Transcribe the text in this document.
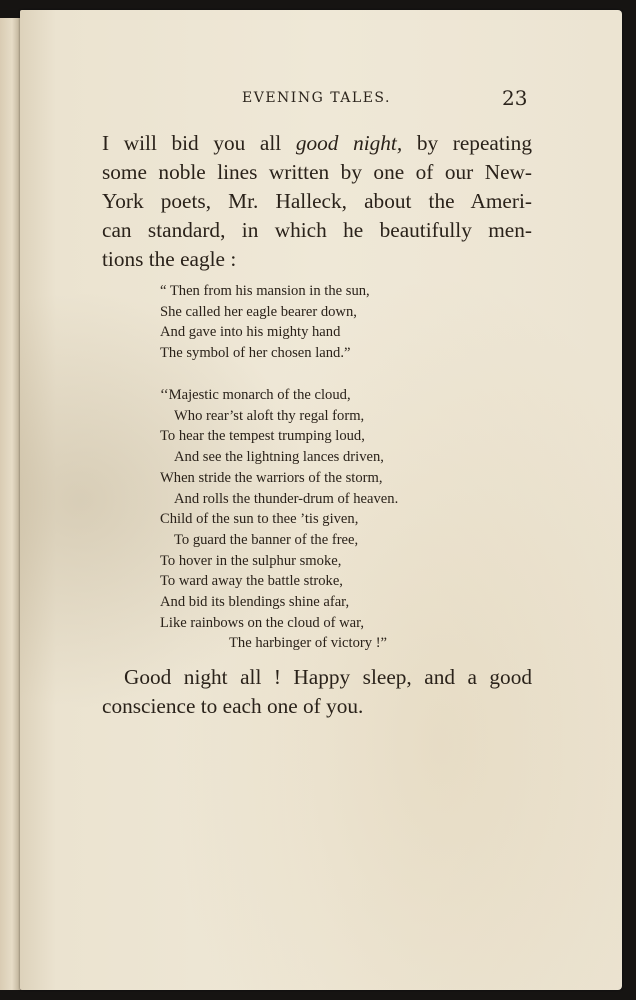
EVENING TALES.	23

I will bid you all good night, by repeating
some noble lines written by one of our New-
York poets, Mr. Halleck, about the Ameri-
can standard, in which he beautifully men-
tions the eagle :

“ Then from his mansion in the sun,
She called her eagle bearer down,
And gave into his mighty hand
The symbol of her chosen land.”
‘‘Majestic monarch of the cloud,
Who rear’st aloft thy regal form,
To hear the tempest trumping loud,
And see the lightning lances driven,
When stride the warriors of the storm,
And rolls the thunder-drum of heaven.
Child of the sun to thee ’tis given,
To guard the banner of the free,
To hover in the sulphur smoke,
To ward away the battle stroke,
And bid its blendings shine afar,
Like rainbows on the cloud of war,
The harbinger of victory !”

Good night all ! Happy sleep, and a good
conscience to each one of you.
